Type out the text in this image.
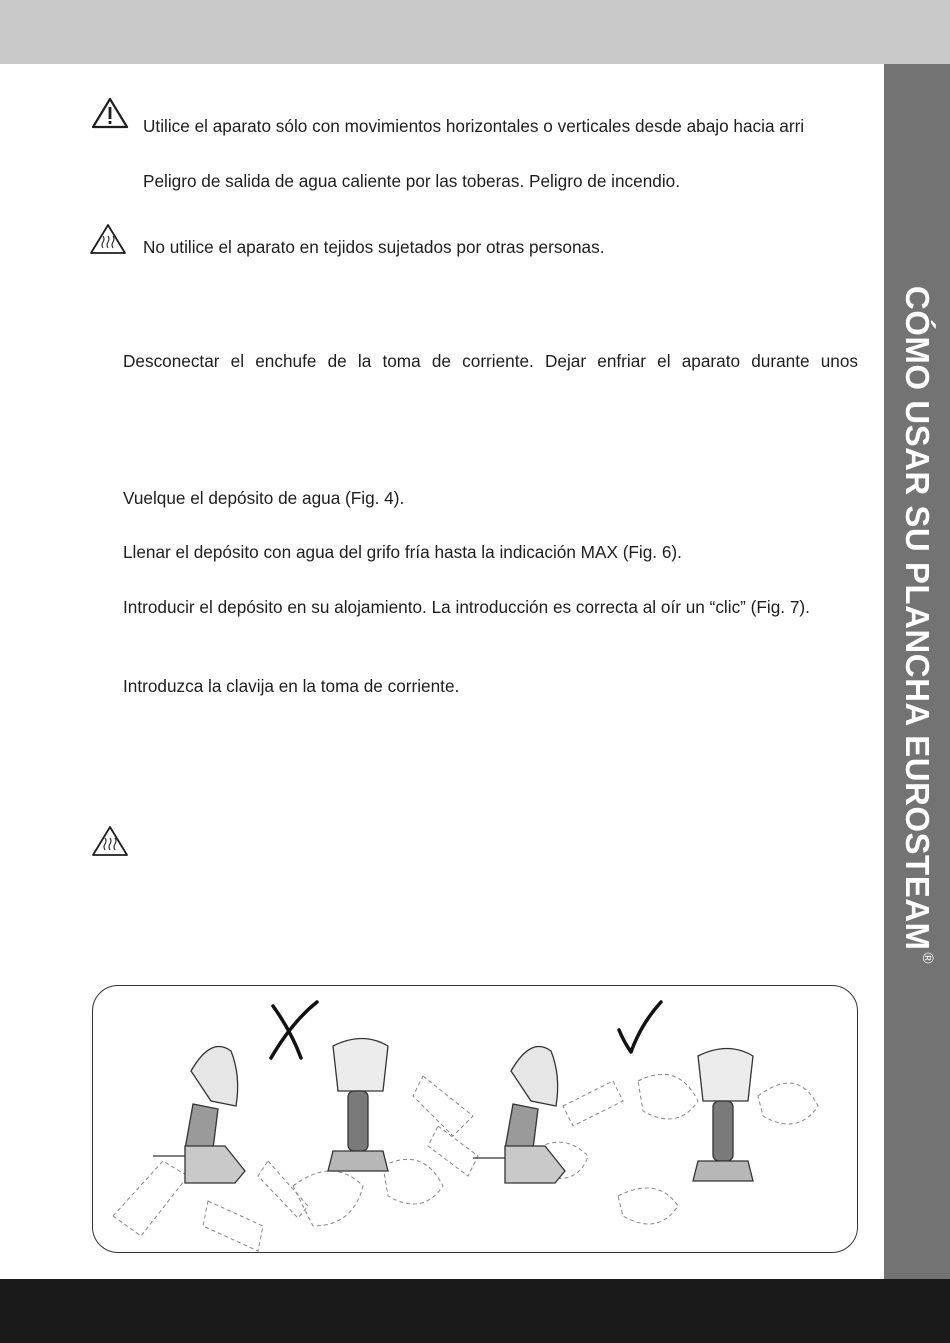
CÓMO USAR SU PLANCHA EUROSTEAM®
Utilice el aparato sólo con movimientos horizontales o verticales desde abajo hacia arri
Peligro de salida de agua caliente por las toberas. Peligro de incendio.
No utilice el aparato en tejidos sujetados por otras personas.
Desconectar el enchufe de la toma de corriente. Dejar enfriar el aparato durante unos
Vuelque el depósito de agua (Fig. 4).
Llenar el depósito con agua del grifo fría hasta la indicación MAX (Fig. 6).
Introducir el depósito en su alojamiento. La introducción es correcta al oír un “clic” (Fig. 7).
Introduzca la clavija en la toma de corriente.
